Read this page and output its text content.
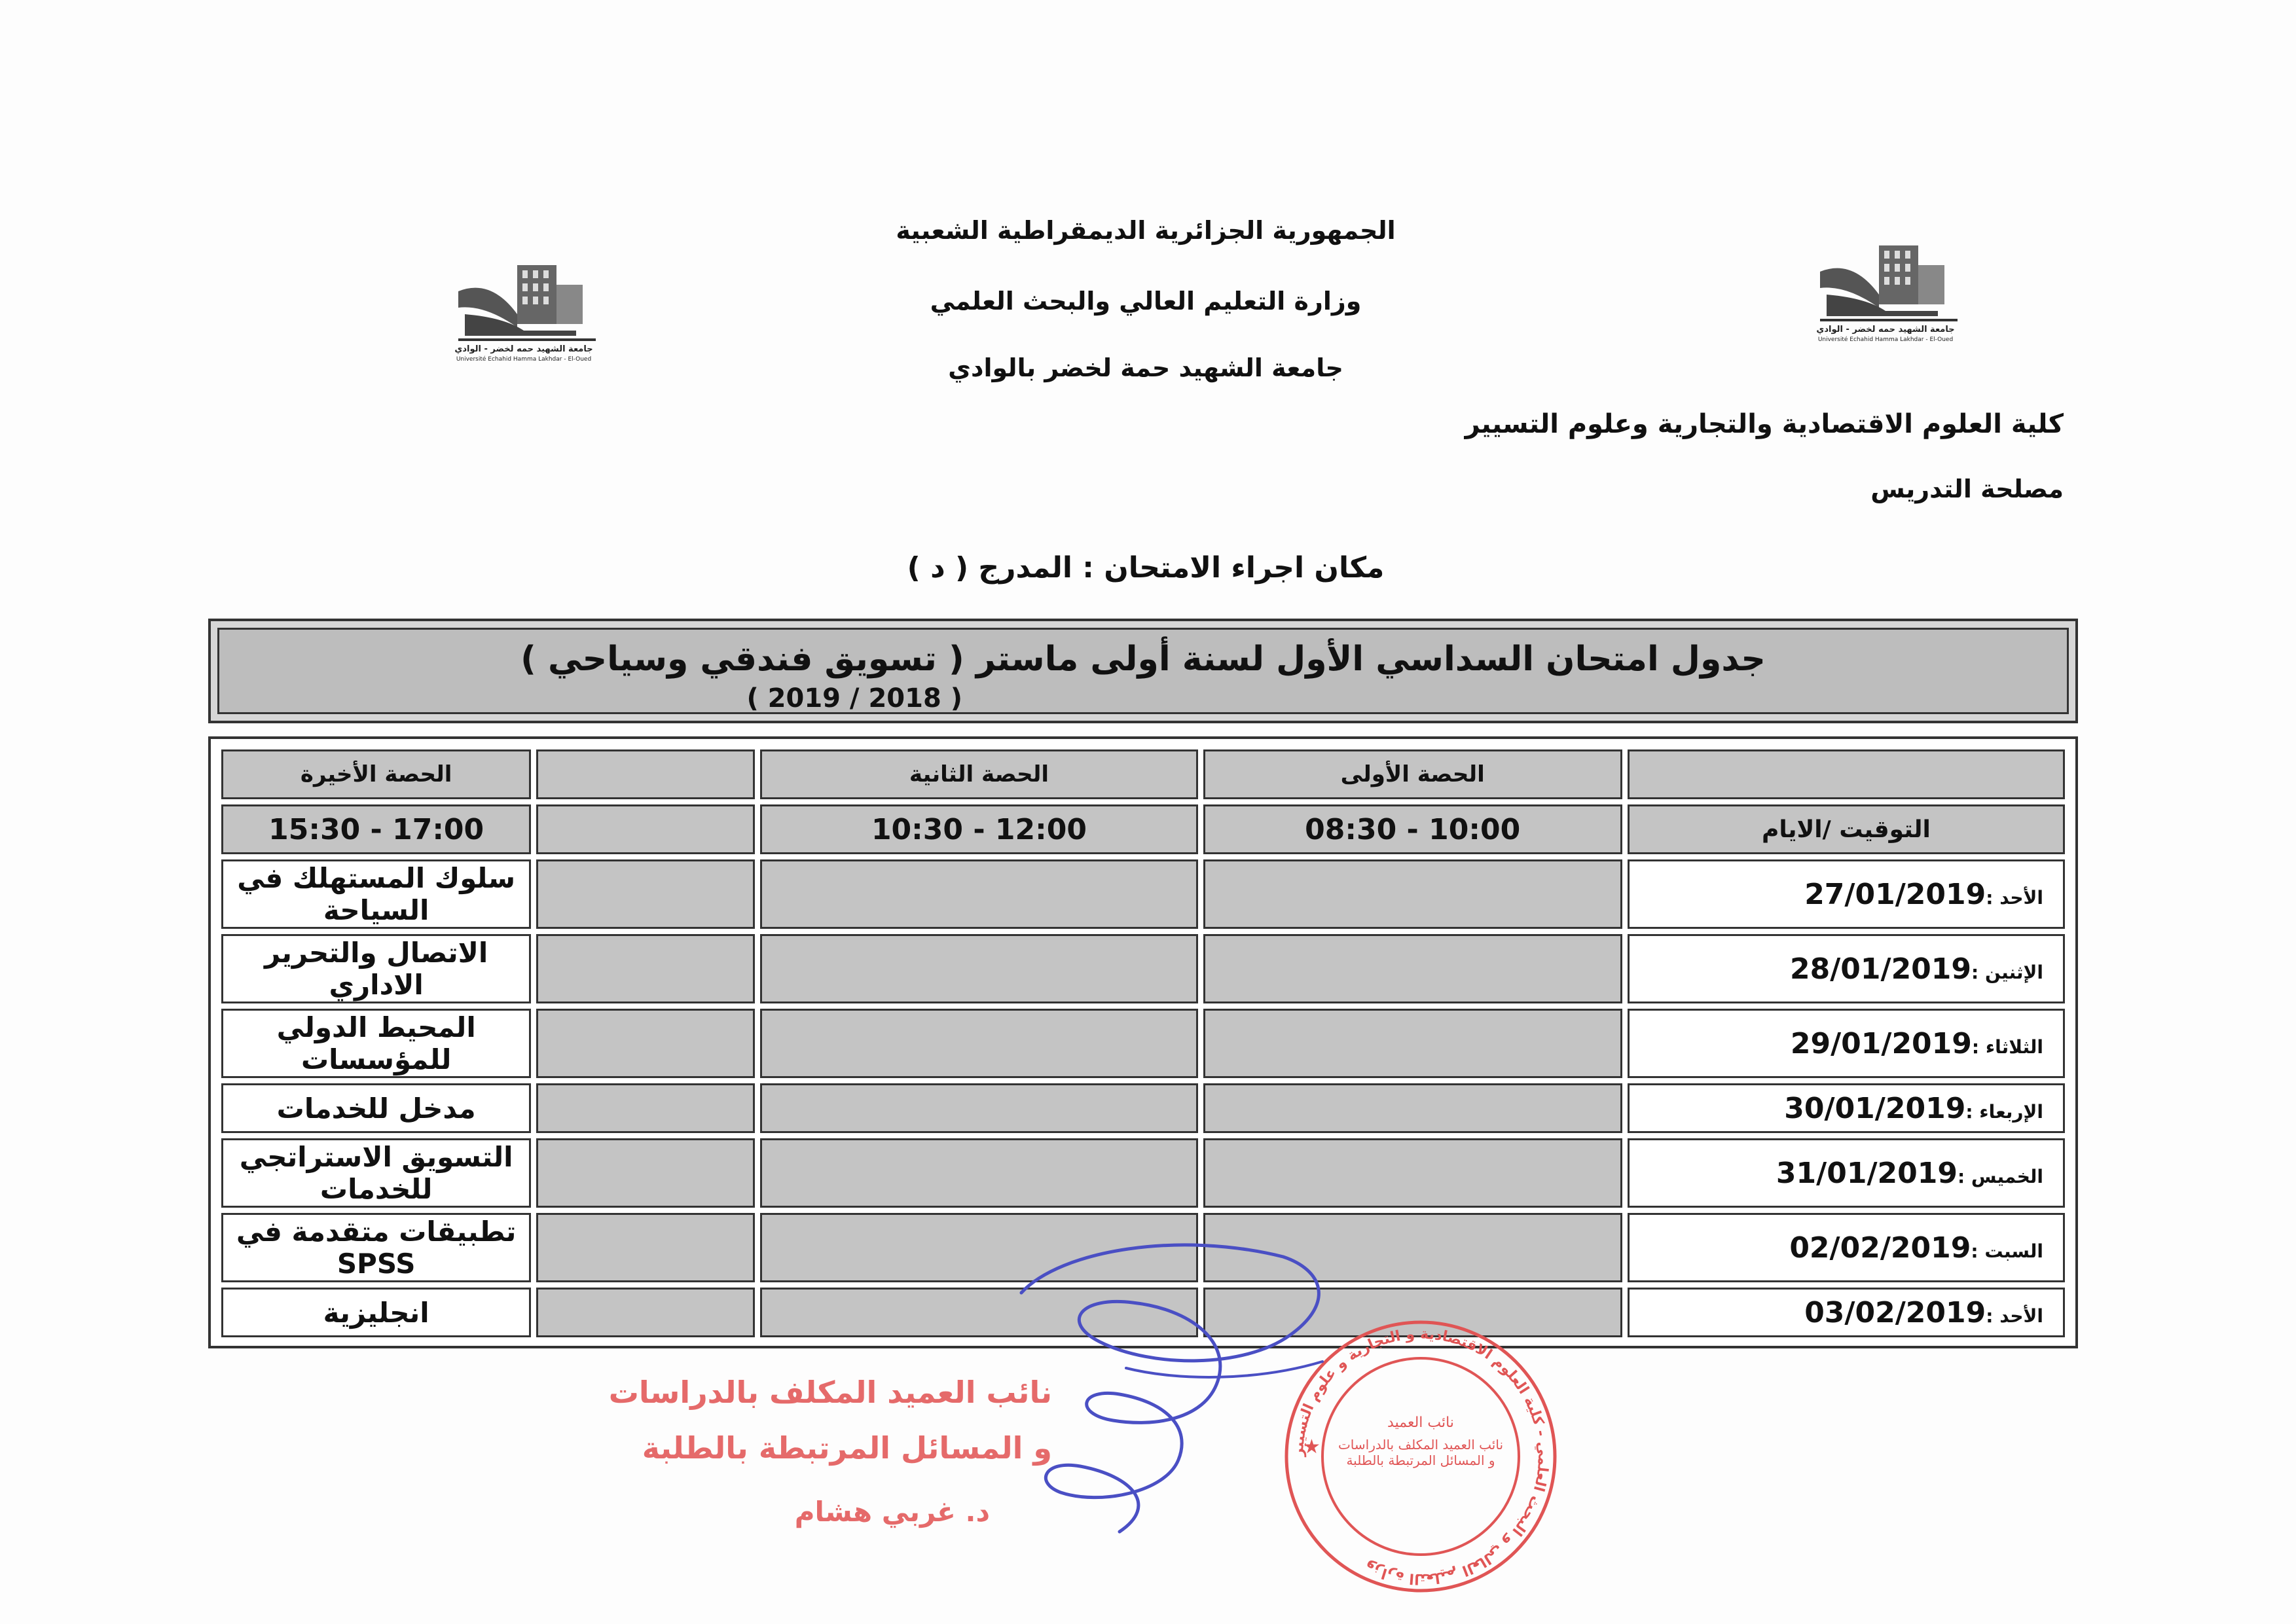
جامعة الشهيد حمه لخضر - الوادي
Université Echahid Hamma Lakhdar - El-Oued
جامعة الشهيد حمه لخضر - الوادي
Université Echahid Hamma Lakhdar - El-Oued
الجمهورية الجزائرية الديمقراطية الشعبية
وزارة التعليم العالي والبحث العلمي
جامعة الشهيد حمة لخضر بالوادي
كلية العلوم الاقتصادية والتجارية وعلوم التسيير
مصلحة التدريس
مكان اجراء الامتحان : المدرج ( د )
جدول امتحان السداسي الأول لسنة أولى ماستر ( تسويق فندقي وسياحي )
( 2018 / 2019 )
	الحصة الأولى	الحصة الثانية		الحصة الأخيرة
التوقيت /الايام	08:30 - 10:00	10:30 - 12:00		15:30 - 17:00
الأحد :27/01/2019				سلوك المستهلك في السياحة
الإثنين :28/01/2019				الاتصال والتحرير الاداري
الثلاثاء :29/01/2019				المحيط الدولي للمؤسسات
الإربعاء :30/01/2019				مدخل للخدمات
الخميس :31/01/2019				التسويق الاستراتجي للخدمات
السبت :02/02/2019				تطبيقات متقدمة في SPSS
الأحد :03/02/2019				انجليزية
نائب العميد المكلف بالدراسات
و المسائل المرتبطة بالطلبة
د. غربي هشام
وزارة التعليم العالي و البحث العلمي - كلية العلوم الاقتصادية و التجارية و علوم التسيير
نائب العميد
نائب العميد المكلف بالدراسات و المسائل المرتبطة بالطلبة
★
